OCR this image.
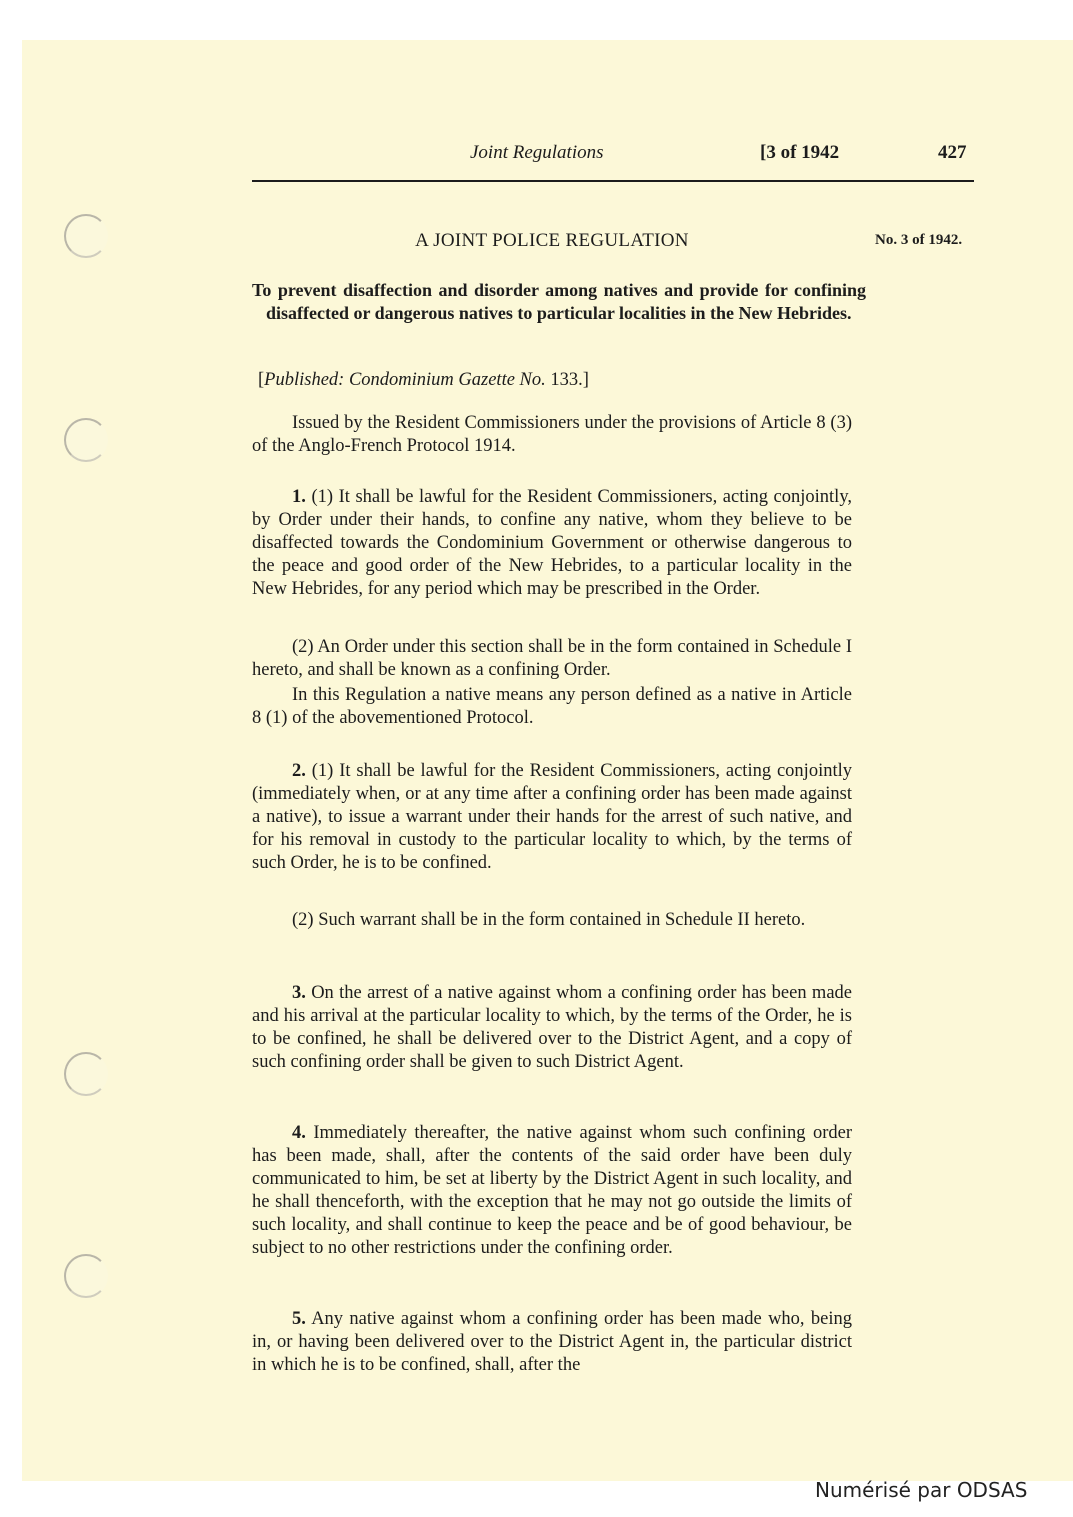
Joint Regulations	[3 of 1942	427
A JOINT POLICE REGULATION	No. 3 of 1942.
To prevent disaffection and disorder among natives and provide for confining disaffected or dangerous natives to particular localities in the New Hebrides.
[Published: Condominium Gazette No. 133.]
Issued by the Resident Commissioners under the provisions of Article 8 (3) of the Anglo-French Protocol 1914.
1. (1) It shall be lawful for the Resident Commissioners, acting conjointly, by Order under their hands, to confine any native, whom they believe to be disaffected towards the Condominium Government or otherwise dangerous to the peace and good order of the New Hebrides, to a particular locality in the New Hebrides, for any period which may be prescribed in the Order.
(2) An Order under this section shall be in the form contained in Schedule I hereto, and shall be known as a confining Order.
In this Regulation a native means any person defined as a native in Article 8 (1) of the abovementioned Protocol.
2. (1) It shall be lawful for the Resident Commissioners, acting conjointly (immediately when, or at any time after a confining order has been made against a native), to issue a warrant under their hands for the arrest of such native, and for his removal in custody to the particular locality to which, by the terms of such Order, he is to be confined.
(2) Such warrant shall be in the form contained in Schedule II hereto.
3. On the arrest of a native against whom a confining order has been made and his arrival at the particular locality to which, by the terms of the Order, he is to be confined, he shall be delivered over to the District Agent, and a copy of such confining order shall be given to such District Agent.
4. Immediately thereafter, the native against whom such confining order has been made, shall, after the contents of the said order have been duly communicated to him, be set at liberty by the District Agent in such locality, and he shall thenceforth, with the exception that he may not go outside the limits of such locality, and shall continue to keep the peace and be of good behaviour, be subject to no other restrictions under the confining order.
5. Any native against whom a confining order has been made who, being in, or having been delivered over to the District Agent in, the particular district in which he is to be confined, shall, after the
Numérisé par ODSAS
